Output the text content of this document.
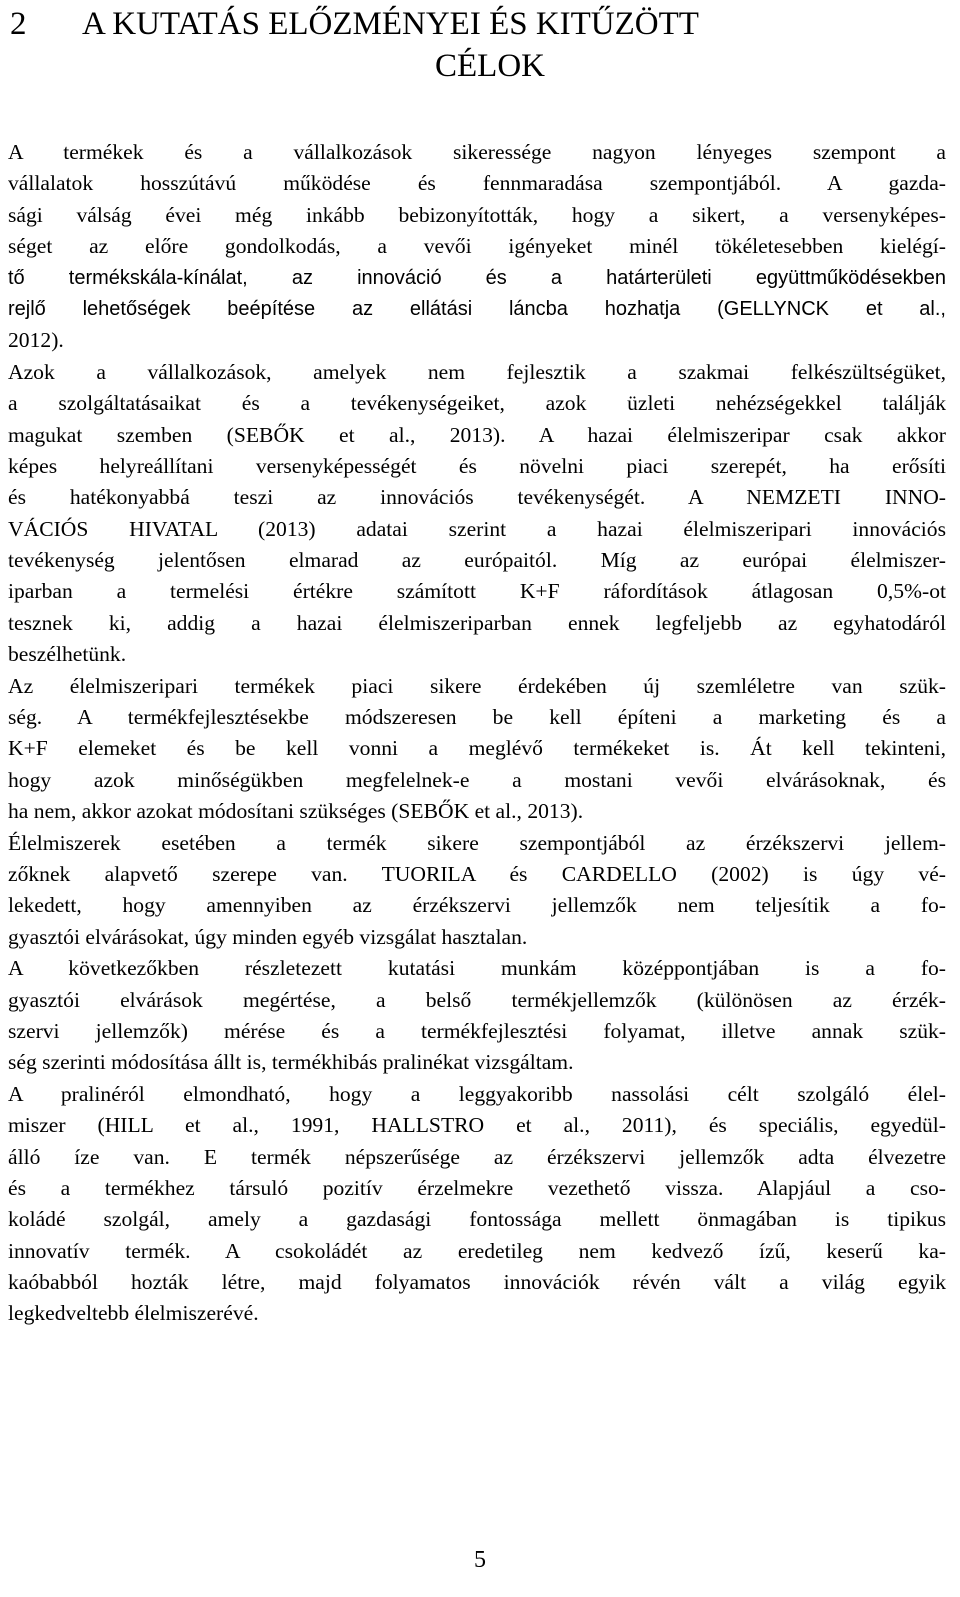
2 A KUTATÁS ELŐZMÉNYEI ÉS KITŰZÖTT
CÉLOK
A termékek és a vállalkozások sikeressége nagyon lényeges szempont a
vállalatok hosszútávú működése és fennmaradása szempontjából. A gazda-
sági válság évei még inkább bebizonyították, hogy a sikert, a versenyképes-
séget az előre gondolkodás, a vevői igényeket minél tökéletesebben kielégí-
tő termékskála-kínálat, az innováció és a határterületi együttműködésekben
rejlő lehetőségek beépítése az ellátási láncba hozhatja (GELLYNCK et al.,
2012).
Azok a vállalkozások, amelyek nem fejlesztik a szakmai felkészültségüket,
a szolgáltatásaikat és a tevékenységeiket, azok üzleti nehézségekkel találják
magukat szemben (SEBŐK et al., 2013). A hazai élelmiszeripar csak akkor
képes helyreállítani versenyképességét és növelni piaci szerepét, ha erősíti
és hatékonyabbá teszi az innovációs tevékenységét. A NEMZETI INNO-
VÁCIÓS HIVATAL (2013) adatai szerint a hazai élelmiszeripari innovációs
tevékenység jelentősen elmarad az európaitól. Míg az európai élelmiszer-
iparban a termelési értékre számított K+F ráfordítások átlagosan 0,5%-ot
tesznek ki, addig a hazai élelmiszeriparban ennek legfeljebb az egyhatodáról
beszélhetünk.
Az élelmiszeripari termékek piaci sikere érdekében új szemléletre van szük-
ség. A termékfejlesztésekbe módszeresen be kell építeni a marketing és a
K+F elemeket és be kell vonni a meglévő termékeket is. Át kell tekinteni,
hogy azok minőségükben megfelelnek-e a mostani vevői elvárásoknak, és
ha nem, akkor azokat módosítani szükséges (SEBŐK et al., 2013).
Élelmiszerek esetében a termék sikere szempontjából az érzékszervi jellem-
zőknek alapvető szerepe van. TUORILA és CARDELLO (2002) is úgy vé-
lekedett, hogy amennyiben az érzékszervi jellemzők nem teljesítik a fo-
gyasztói elvárásokat, úgy minden egyéb vizsgálat hasztalan.
A következőkben részletezett kutatási munkám középpontjában is a fo-
gyasztói elvárások megértése, a belső termékjellemzők (különösen az érzék-
szervi jellemzők) mérése és a termékfejlesztési folyamat, illetve annak szük-
ség szerinti módosítása állt is, termékhibás pralinékat vizsgáltam.
A pralinéról elmondható, hogy a leggyakoribb nassolási célt szolgáló élel-
miszer (HILL et al., 1991, HALLSTRO et al., 2011), és speciális, egyedül-
álló íze van. E termék népszerűsége az érzékszervi jellemzők adta élvezetre
és a termékhez társuló pozitív érzelmekre vezethető vissza. Alapjául a cso-
koládé szolgál, amely a gazdasági fontossága mellett önmagában is tipikus
innovatív termék. A csokoládét az eredetileg nem kedvező ízű, keserű ka-
kaóbabból hozták létre, majd folyamatos innovációk révén vált a világ egyik
legkedveltebb élelmiszerévé.
5
